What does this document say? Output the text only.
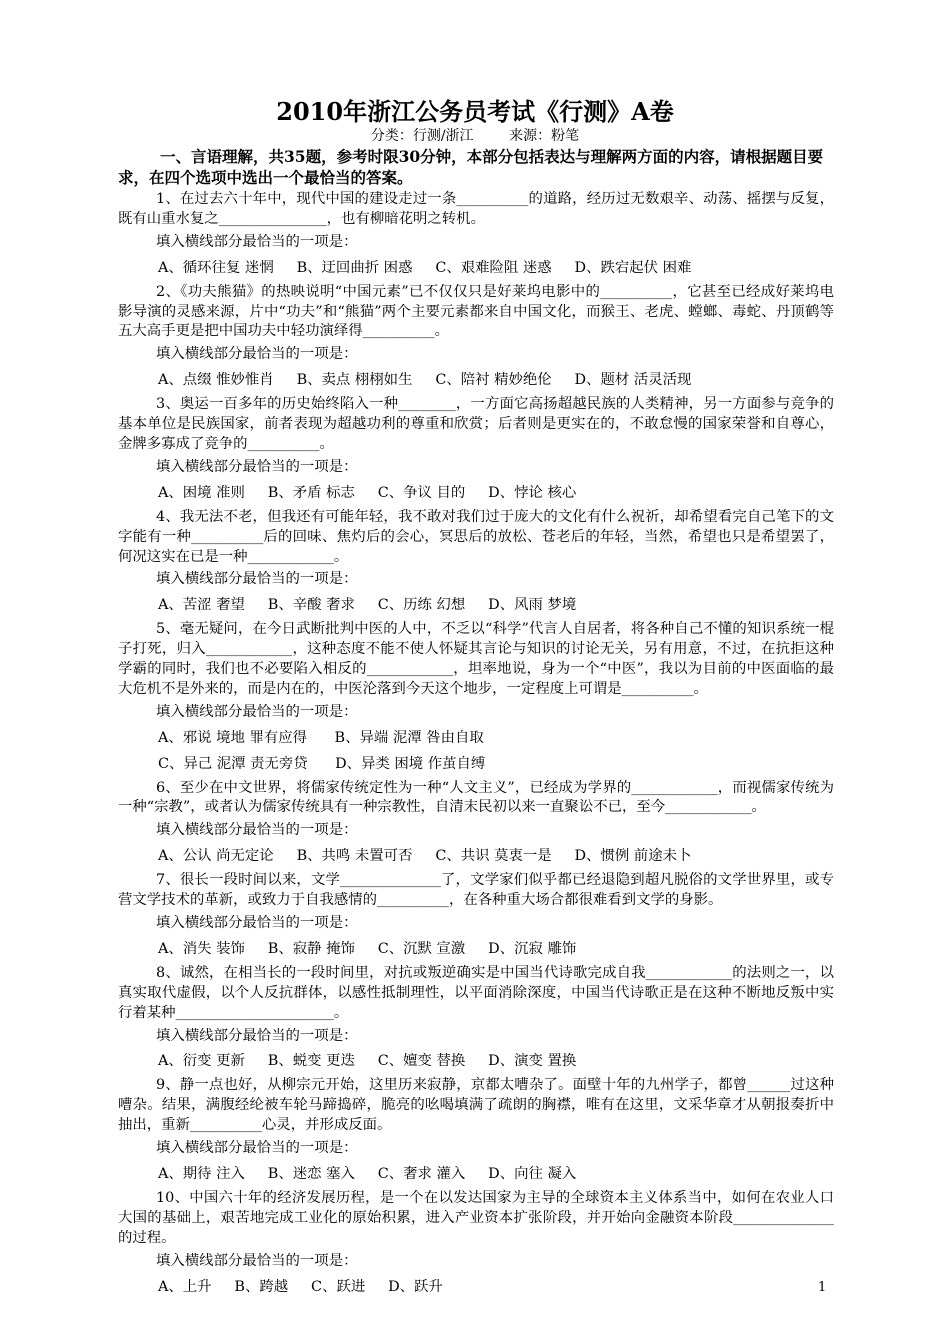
2010年浙江公务员考试《行测》A卷
分类：行测/浙江        来源：粉笔
一、言语理解，共35题，参考时限30分钟，本部分包括表达与理解两方面的内容，请根据题目要求，在四个选项中选出一个最恰当的答案。

1、在过去六十年中，现代中国的建设走过一条__________的道路，经历过无数艰辛、动荡、摇摆与反复，既有山重水复之_______________，也有柳暗花明之转机。

填入横线部分最恰当的一项是：

A、循环往复 迷惘     B、迂回曲折 困惑     C、艰难险阻 迷惑     D、跌宕起伏 困难

2、《功夫熊猫》的热映说明“中国元素”已不仅仅只是好莱坞电影中的__________，它甚至已经成好莱坞电影导演的灵感来源，片中“功夫”和“熊猫”两个主要元素都来自中国文化，而猴王、老虎、螳螂、毒蛇、丹顶鹤等五大高手更是把中国功夫中轻功演绎得__________。

填入横线部分最恰当的一项是：

A、点缀 惟妙惟肖     B、卖点 栩栩如生     C、陪衬 精妙绝伦     D、题材 活灵活现

3、奥运一百多年的历史始终陷入一种________，一方面它高扬超越民族的人类精神，另一方面参与竞争的基本单位是民族国家，前者表现为超越功利的尊重和欣赏；后者则是更实在的，不敢怠慢的国家荣誉和自尊心，金牌多寡成了竞争的__________。

填入横线部分最恰当的一项是：

A、困境 准则     B、矛盾 标志     C、争议 目的     D、悖论 核心

4、我无法不老，但我还有可能年轻，我不敢对我们过于庞大的文化有什么祝祈，却希望看完自己笔下的文字能有一种__________后的回味、焦灼后的会心，冥思后的放松、苍老后的年轻，当然，希望也只是希望罢了，何况这实在已是一种____________。

填入横线部分最恰当的一项是：

A、苦涩 奢望     B、辛酸 奢求     C、历练 幻想     D、风雨 梦境

5、毫无疑问，在今日武断批判中医的人中，不乏以“科学”代言人自居者，将各种自己不懂的知识系统一棍子打死，归入____________，这种态度不能不使人怀疑其言论与知识的讨论无关，另有用意，不过，在抗拒这种学霸的同时，我们也不必要陷入相反的____________，坦率地说，身为一个“中医”，我以为目前的中医面临的最大危机不是外来的，而是内在的，中医沦落到今天这个地步，一定程度上可谓是__________。

填入横线部分最恰当的一项是：

A、邪说 境地 罪有应得      B、异端 泥潭 咎由自取

C、异己 泥潭 责无旁贷      D、异类 困境 作茧自缚

6、至少在中文世界，将儒家传统定性为一种“人文主义”，已经成为学界的____________，而视儒家传统为一种“宗教”，或者认为儒家传统具有一种宗教性，自清末民初以来一直聚讼不已，至今____________。

填入横线部分最恰当的一项是：

A、公认 尚无定论     B、共鸣 未置可否     C、共识 莫衷一是     D、惯例 前途未卜

7、很长一段时间以来，文学______________了，文学家们似乎都已经退隐到超凡脱俗的文学世界里，或专营文学技术的革新，或致力于自我感情的__________，在各种重大场合都很难看到文学的身影。

填入横线部分最恰当的一项是：

A、消失 装饰     B、寂静 掩饰     C、沉默 宣激     D、沉寂 雕饰

8、诚然，在相当长的一段时间里，对抗或叛逆确实是中国当代诗歌完成自我____________的法则之一，以真实取代虚假，以个人反抗群体，以感性抵制理性，以平面消除深度，中国当代诗歌正是在这种不断地反叛中实行着某种______________________。

填入横线部分最恰当的一项是：

A、衍变 更新     B、蜕变 更迭     C、嬗变 替换     D、演变 置换

9、静一点也好，从柳宗元开始，这里历来寂静，京都太嘈杂了。面壁十年的九州学子，都曾______过这种嘈杂。结果，满腹经纶被车轮马蹄捣碎，脆亮的吆喝填满了疏朗的胸襟，唯有在这里，文采华章才从朝报奏折中抽出，重新__________心灵，并形成反面。

填入横线部分最恰当的一项是：

A、期待 注入     B、迷恋 塞入     C、奢求 灌入     D、向往 凝入

10、中国六十年的经济发展历程，是一个在以发达国家为主导的全球资本主义体系当中，如何在农业人口大国的基础上，艰苦地完成工业化的原始积累，进入产业资本扩张阶段，并开始向金融资本阶段______________的过程。

填入横线部分最恰当的一项是：

A、上升     B、跨越     C、跃进     D、跃升	1
